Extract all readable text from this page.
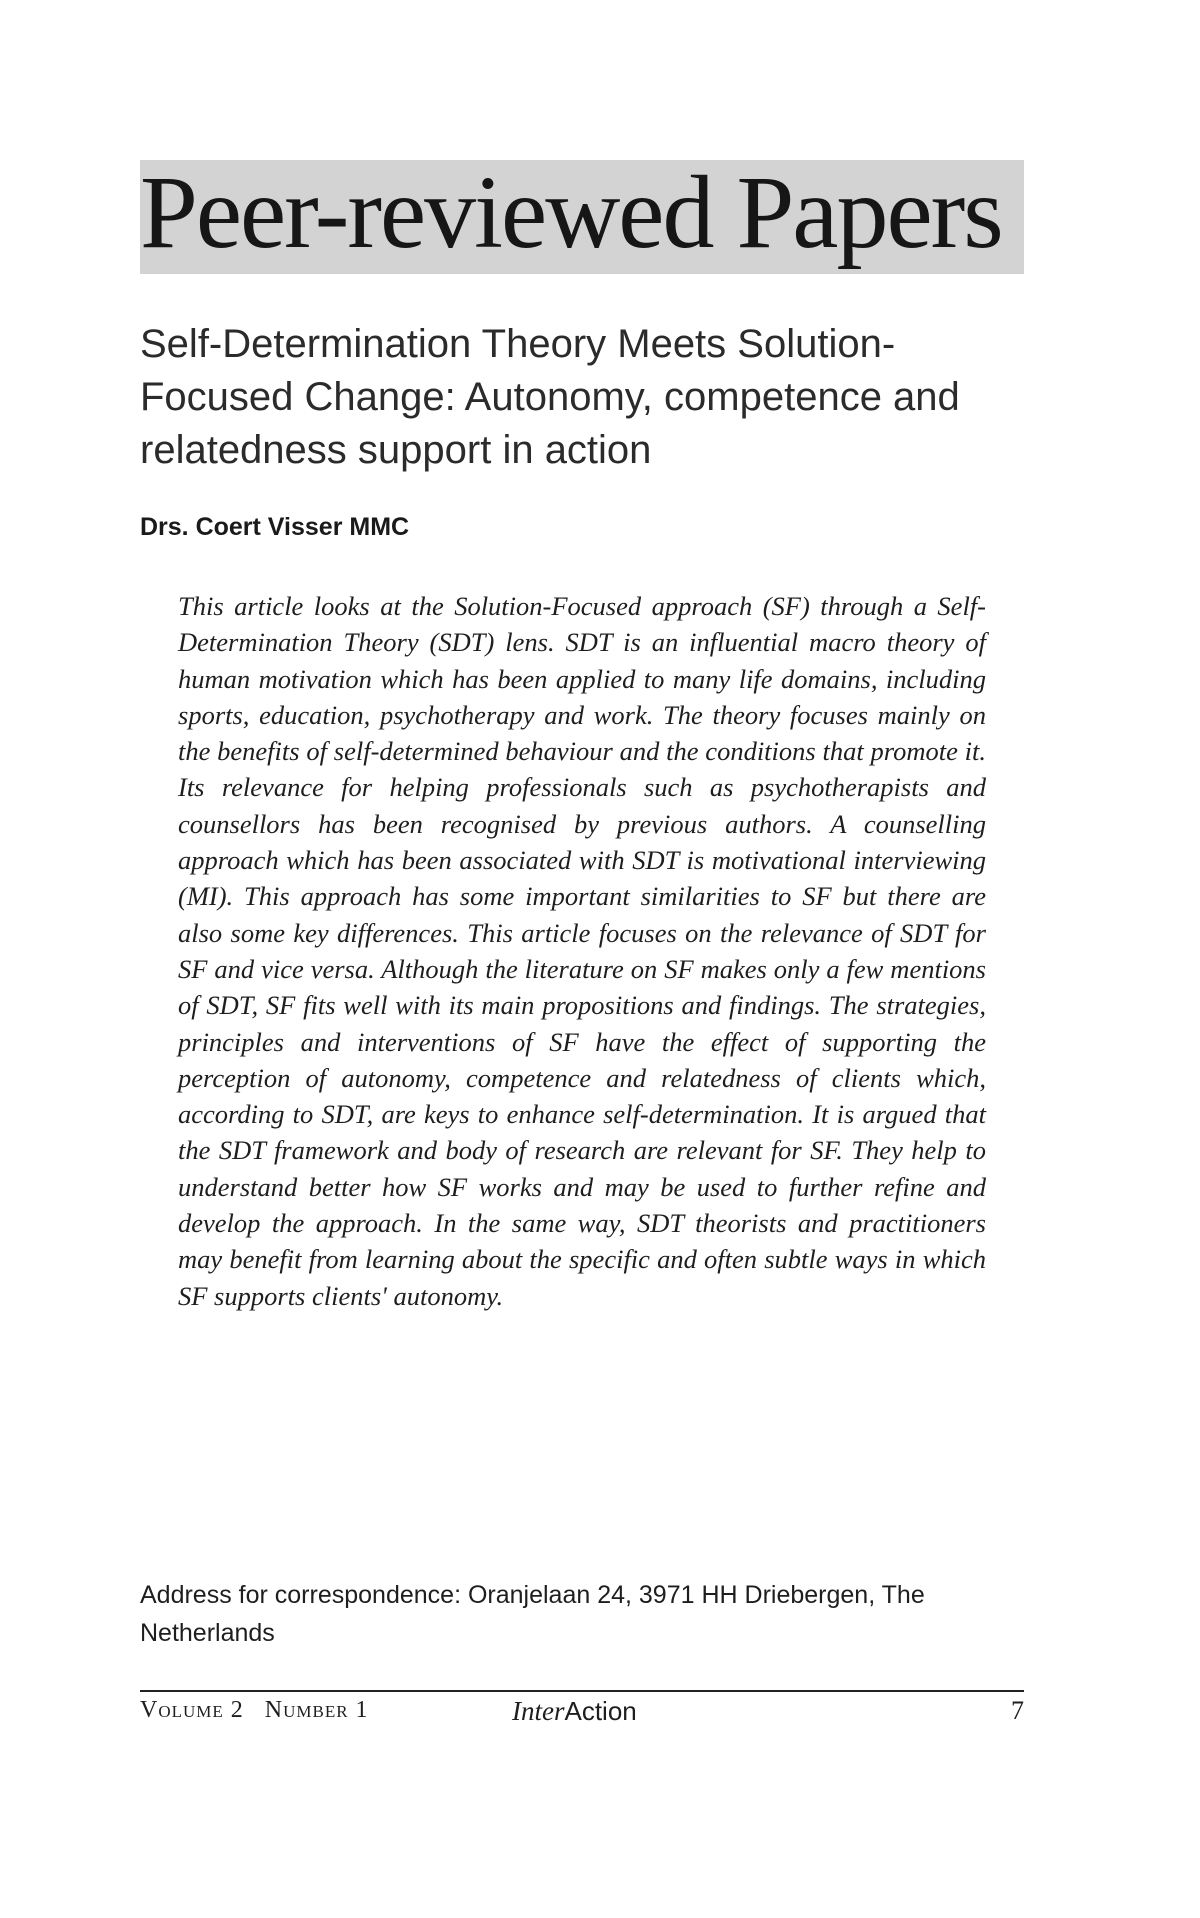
Peer-reviewed Papers
Self-Determination Theory Meets Solution-Focused Change: Autonomy, competence and relatedness support in action
Drs. Coert Visser MMC

This article looks at the Solution-Focused approach (SF) through a Self-Determination Theory (SDT) lens. SDT is an influential macro theory of human motivation which has been applied to many life domains, including sports, education, psychotherapy and work. The theory focuses mainly on the benefits of self-determined behaviour and the conditions that promote it. Its relevance for helping professionals such as psychotherapists and counsellors has been recognised by previous authors. A counselling approach which has been associated with SDT is motivational interviewing (MI). This approach has some important similarities to SF but there are also some key differences. This article focuses on the relevance of SDT for SF and vice versa. Although the literature on SF makes only a few mentions of SDT, SF fits well with its main propositions and findings. The strategies, principles and interventions of SF have the effect of supporting the perception of autonomy, competence and relatedness of clients which, according to SDT, are keys to enhance self-determination. It is argued that the SDT framework and body of research are relevant for SF. They help to understand better how SF works and may be used to further refine and develop the approach. In the same way, SDT theorists and practitioners may benefit from learning about the specific and often subtle ways in which SF supports clients' autonomy.

Address for correspondence: Oranjelaan 24, 3971 HH Driebergen, The Netherlands
Volume 2   Number 1	InterAction	7
